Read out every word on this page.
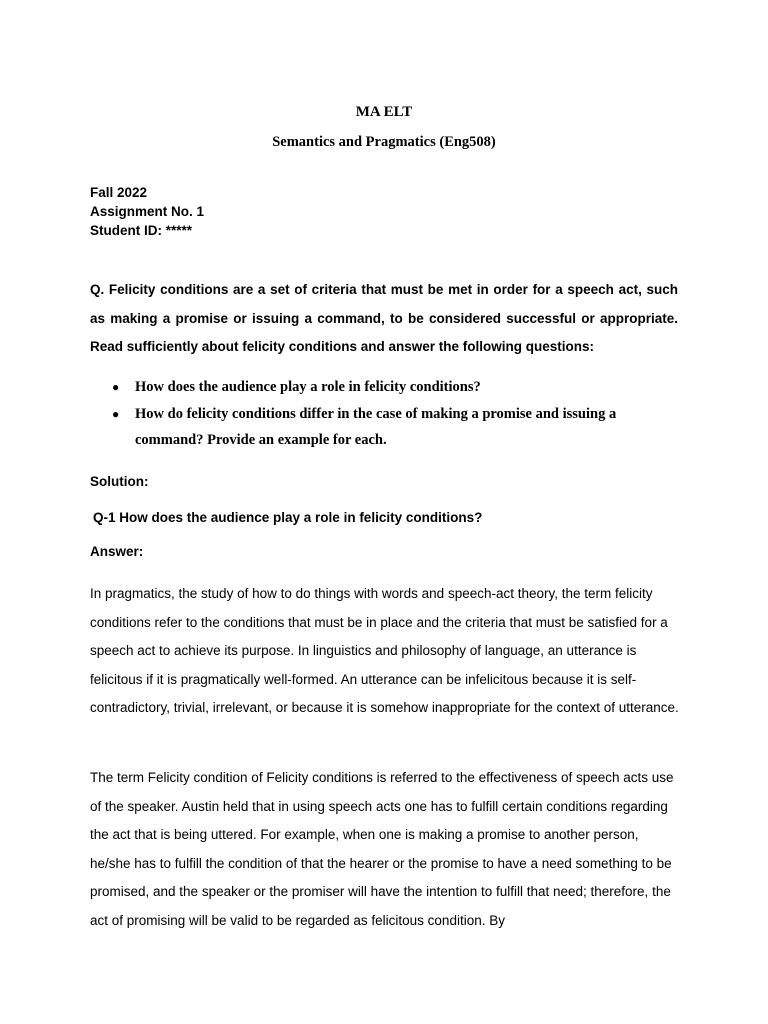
MA ELT

Semantics and Pragmatics (Eng508)

Fall 2022
Assignment No. 1
Student ID: *****

Q. Felicity conditions are a set of criteria that must be met in order for a speech act, such as making a promise or issuing a command, to be considered successful or appropriate. Read sufficiently about felicity conditions and answer the following questions:

● How does the audience play a role in felicity conditions?
● How do felicity conditions differ in the case of making a promise and issuing a command? Provide an example for each.

Solution:

Q-1 How does the audience play a role in felicity conditions?

Answer:

In pragmatics, the study of how to do things with words and speech-act theory, the term felicity conditions refer to the conditions that must be in place and the criteria that must be satisfied for a speech act to achieve its purpose. In linguistics and philosophy of language, an utterance is felicitous if it is pragmatically well-formed. An utterance can be infelicitous because it is self-contradictory, trivial, irrelevant, or because it is somehow inappropriate for the context of utterance.

The term Felicity condition of Felicity conditions is referred to the effectiveness of speech acts use of the speaker. Austin held that in using speech acts one has to fulfill certain conditions regarding the act that is being uttered. For example, when one is making a promise to another person, he/she has to fulfill the condition of that the hearer or the promise to have a need something to be promised, and the speaker or the promiser will have the intention to fulfill that need; therefore, the act of promising will be valid to be regarded as felicitous condition. By
